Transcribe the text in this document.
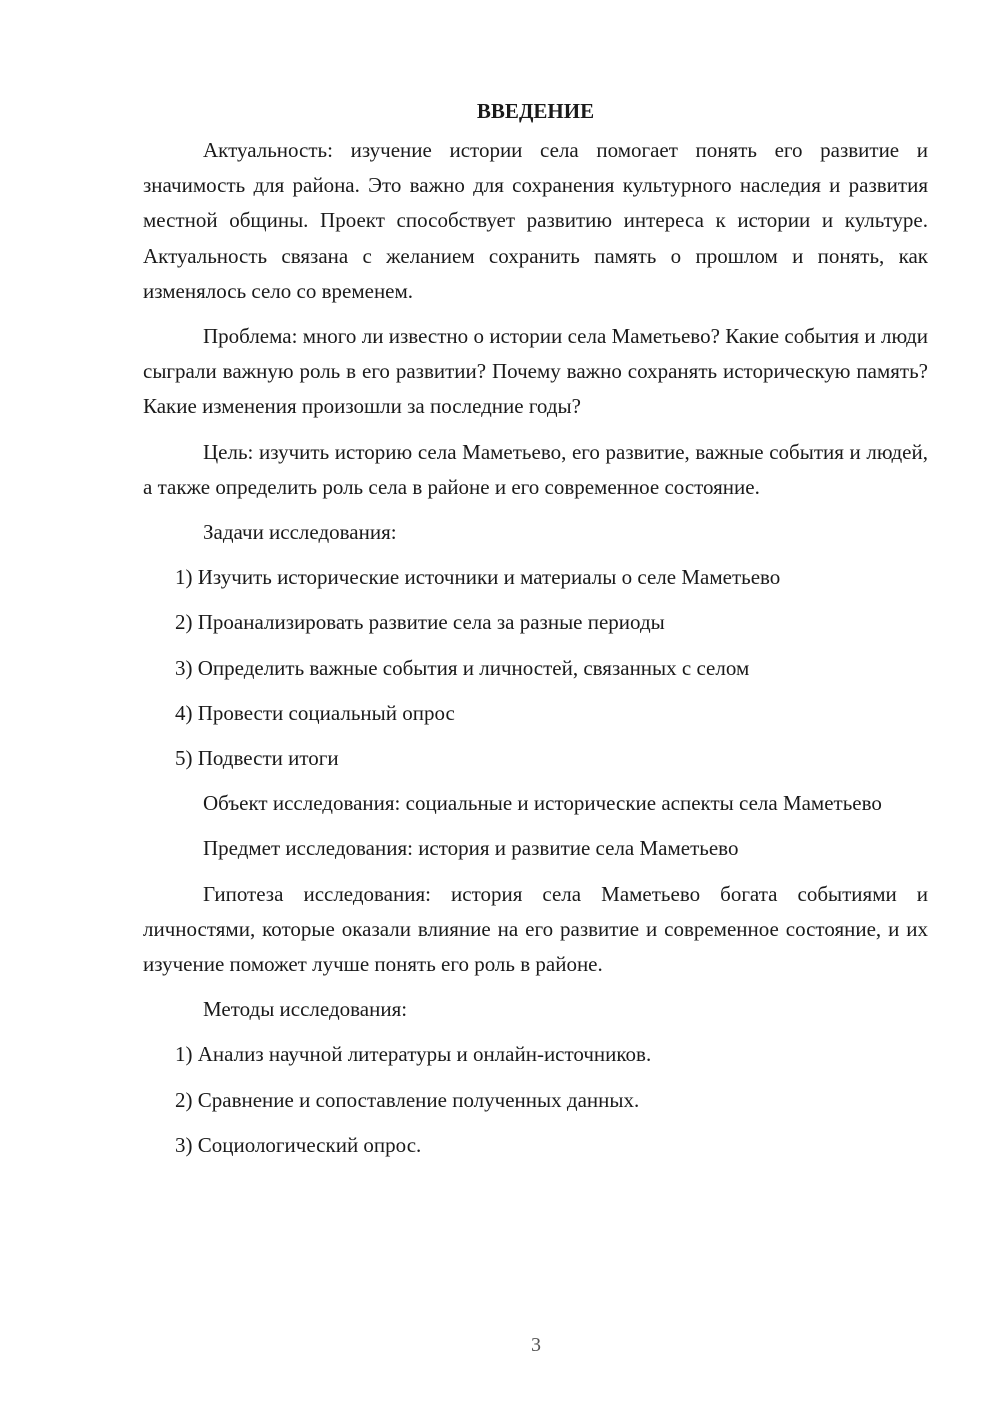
ВВЕДЕНИЕ

Актуальность: изучение истории села помогает понять его развитие и значимость для района. Это важно для сохранения культурного наследия и развития местной общины. Проект способствует развитию интереса к истории и культуре. Актуальность связана с желанием сохранить память о прошлом и понять, как изменялось село со временем.

Проблема: много ли известно о истории села Маметьево? Какие события и люди сыграли важную роль в его развитии? Почему важно сохранять историческую память? Какие изменения произошли за последние годы?

Цель: изучить историю села Маметьево, его развитие, важные события и людей, а также определить роль села в районе и его современное состояние.

Задачи исследования:

1) Изучить исторические источники и материалы о селе Маметьево
2) Проанализировать развитие села за разные периоды
3) Определить важные события и личностей, связанных с селом
4) Провести социальный опрос
5) Подвести итоги

Объект исследования: социальные и исторические аспекты села Маметьево

Предмет исследования: история и развитие села Маметьево

Гипотеза исследования: история села Маметьево богата событиями и личностями, которые оказали влияние на его развитие и современное состояние, и их изучение поможет лучше понять его роль в районе.

Методы исследования:

1) Анализ научной литературы и онлайн-источников.
2) Сравнение и сопоставление полученных данных.
3) Социологический опрос.
3
